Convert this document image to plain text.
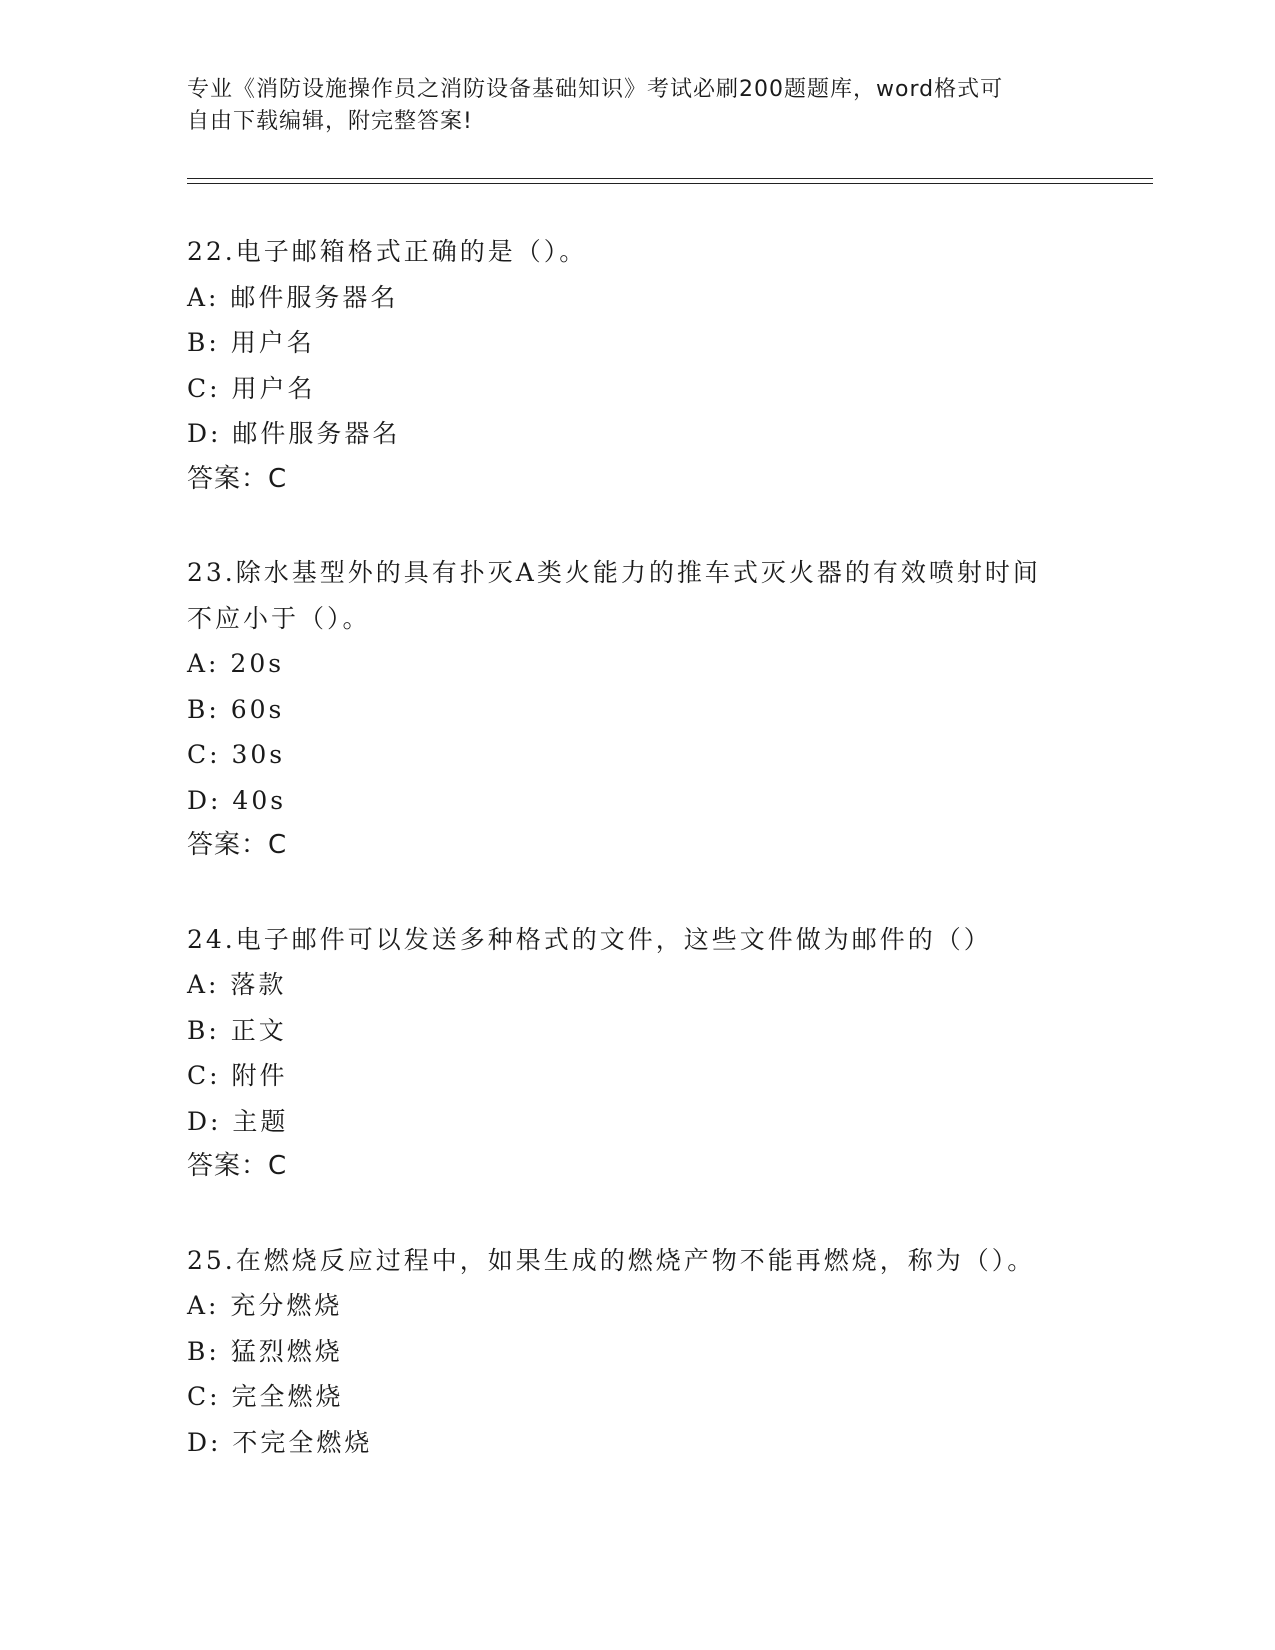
专业《消防设施操作员之消防设备基础知识》考试必刷200题题库，word格式可
自由下载编辑，附完整答案!
22.电子邮箱格式正确的是（）。
A: 邮件服务器名
B: 用户名
C: 用户名
D: 邮件服务器名
答案：C
23.除水基型外的具有扑灭A类火能力的推车式灭火器的有效喷射时间
不应小于（）。
A: 20s
B: 60s
C: 30s
D: 40s
答案：C
24.电子邮件可以发送多种格式的文件，这些文件做为邮件的（）
A: 落款
B: 正文
C: 附件
D: 主题
答案：C
25.在燃烧反应过程中，如果生成的燃烧产物不能再燃烧，称为（）。
A: 充分燃烧
B: 猛烈燃烧
C: 完全燃烧
D: 不完全燃烧
